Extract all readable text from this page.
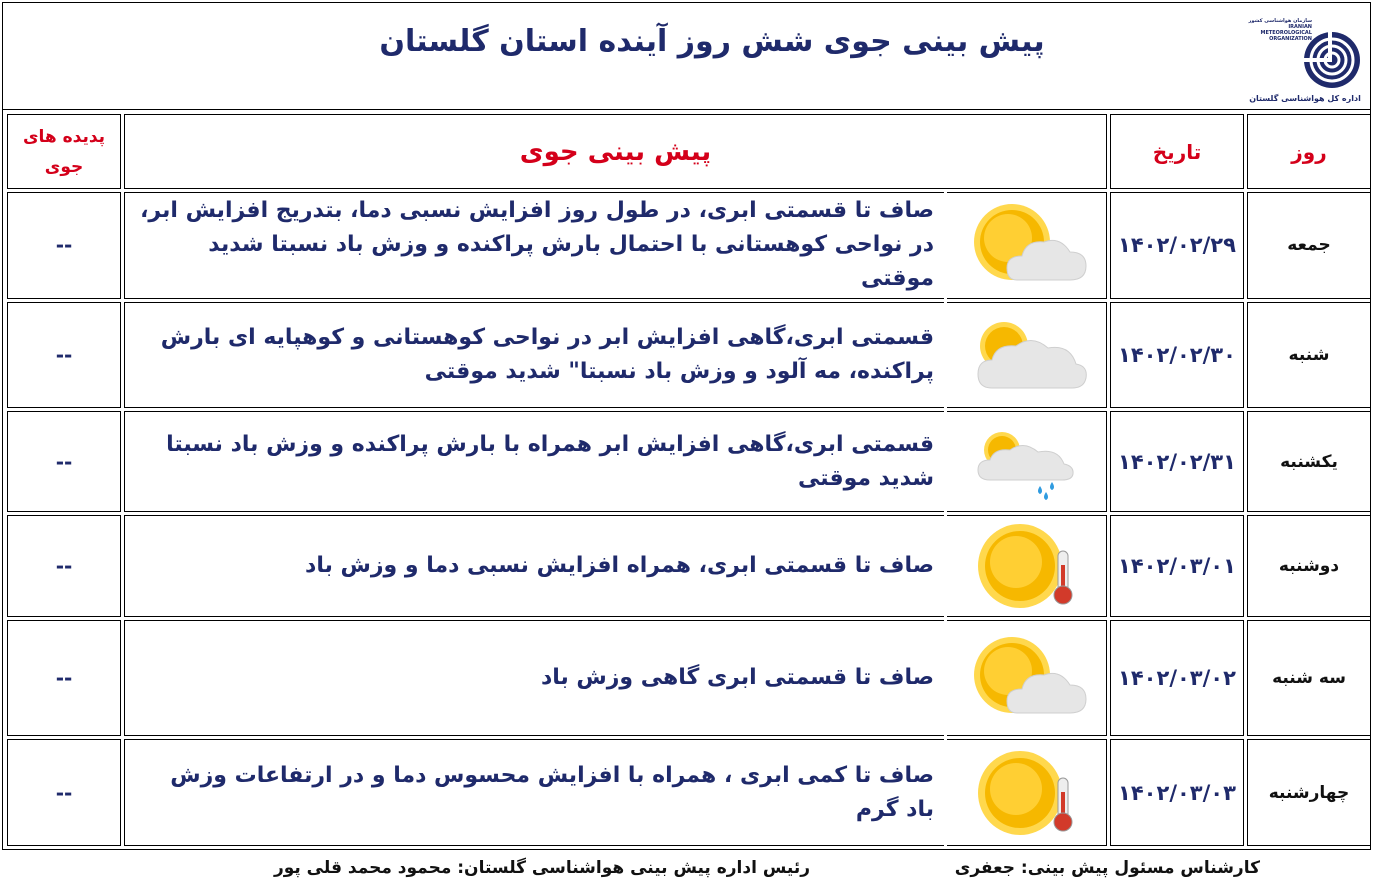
پیش بینی جوی شش روز آینده استان گلستان
سازمان هواشناسی کشور
IRANIAN
METEOROLOGICAL
ORGANIZATION
اداره کل هواشناسی گلستان
روز	تاریخ	پیش بینی جوی		پدیده های
جوی

جمعه	۱۴۰۲/۰۲/۲۹		صاف تا قسمتی ابری، در طول روز افزایش نسبی دما، بتدریج افزایش ابر، در نواحی کوهستانی با احتمال بارش پراکنده و وزش باد نسبتا شدید موقتی	--
شنبه	۱۴۰۲/۰۲/۳۰		قسمتی ابری،گاهی افزایش ابر در نواحی کوهستانی و کوهپایه ای بارش پراکنده، مه آلود و وزش باد نسبتا" شدید موقتی	--
یکشنبه	۱۴۰۲/۰۲/۳۱		قسمتی ابری،گاهی افزایش ابر همراه با بارش پراکنده و وزش باد نسبتا شدید موقتی	--
دوشنبه	۱۴۰۲/۰۳/۰۱		صاف تا قسمتی ابری، همراه افزایش نسبی دما و وزش باد	--
سه شنبه	۱۴۰۲/۰۳/۰۲		صاف تا قسمتی ابری گاهی وزش باد	--
چهارشنبه	۱۴۰۲/۰۳/۰۳		صاف تا کمی ابری ، همراه با افزایش محسوس دما و در ارتفاعات وزش باد گرم	--
کارشناس مسئول پیش بینی: جعفری
رئیس اداره پیش بینی هواشناسی گلستان: محمود محمد قلی پور
